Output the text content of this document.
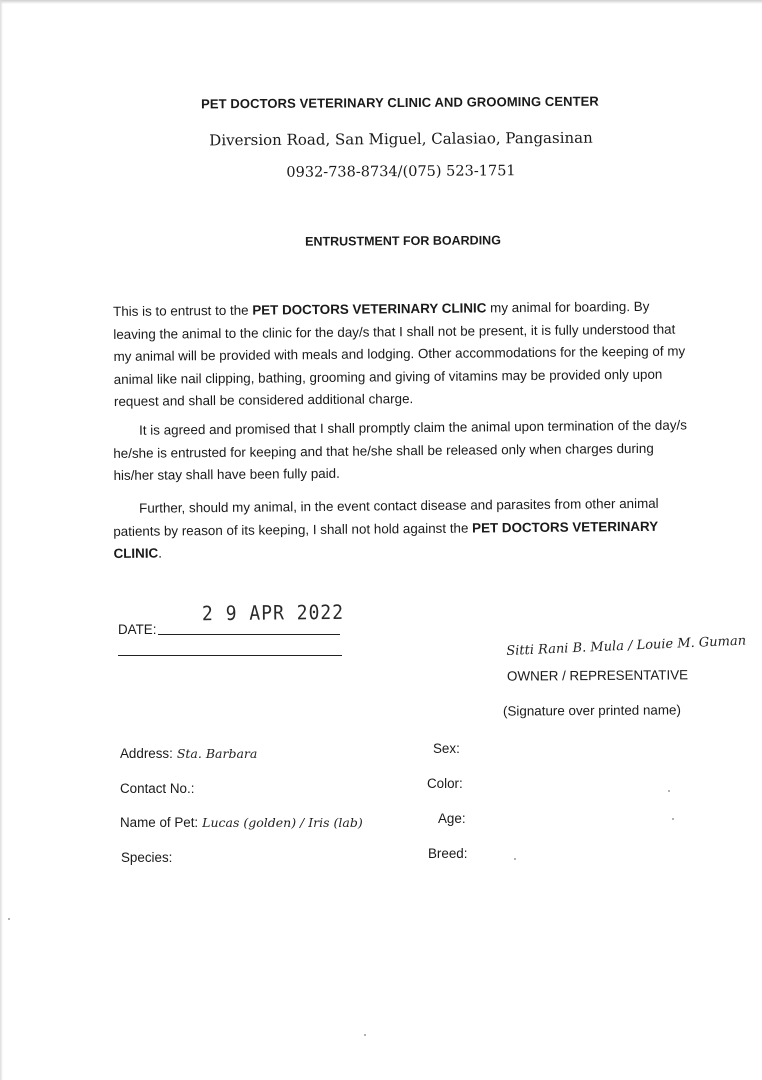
PET DOCTORS VETERINARY CLINIC AND GROOMING CENTER
Diversion Road, San Miguel, Calasiao, Pangasinan
0932-738-8734/(075) 523-1751
ENTRUSTMENT FOR BOARDING
This is to entrust to the PET DOCTORS VETERINARY CLINIC my animal for boarding. By leaving the animal to the clinic for the day/s that I shall not be present, it is fully understood that my animal will be provided with meals and lodging. Other accommodations for the keeping of my animal like nail clipping, bathing, grooming and giving of vitamins may be provided only upon request and shall be considered additional charge.
It is agreed and promised that I shall promptly claim the animal upon termination of the day/s he/she is entrusted for keeping and that he/she shall be released only when charges during his/her stay shall have been fully paid.
Further, should my animal, in the event contact disease and parasites from other animal patients by reason of its keeping, I shall not hold against the PET DOCTORS VETERINARY CLINIC.
DATE:
2 9 APR 2022
Sitti Rani B. Mula / Louie M. Guman
OWNER / REPRESENTATIVE
(Signature over printed name)
Address: Sta. Barbara
Contact No.:
Name of Pet: Lucas (golden) / Iris (lab)
Species:
Sex:
Color:
Age:
Breed:
